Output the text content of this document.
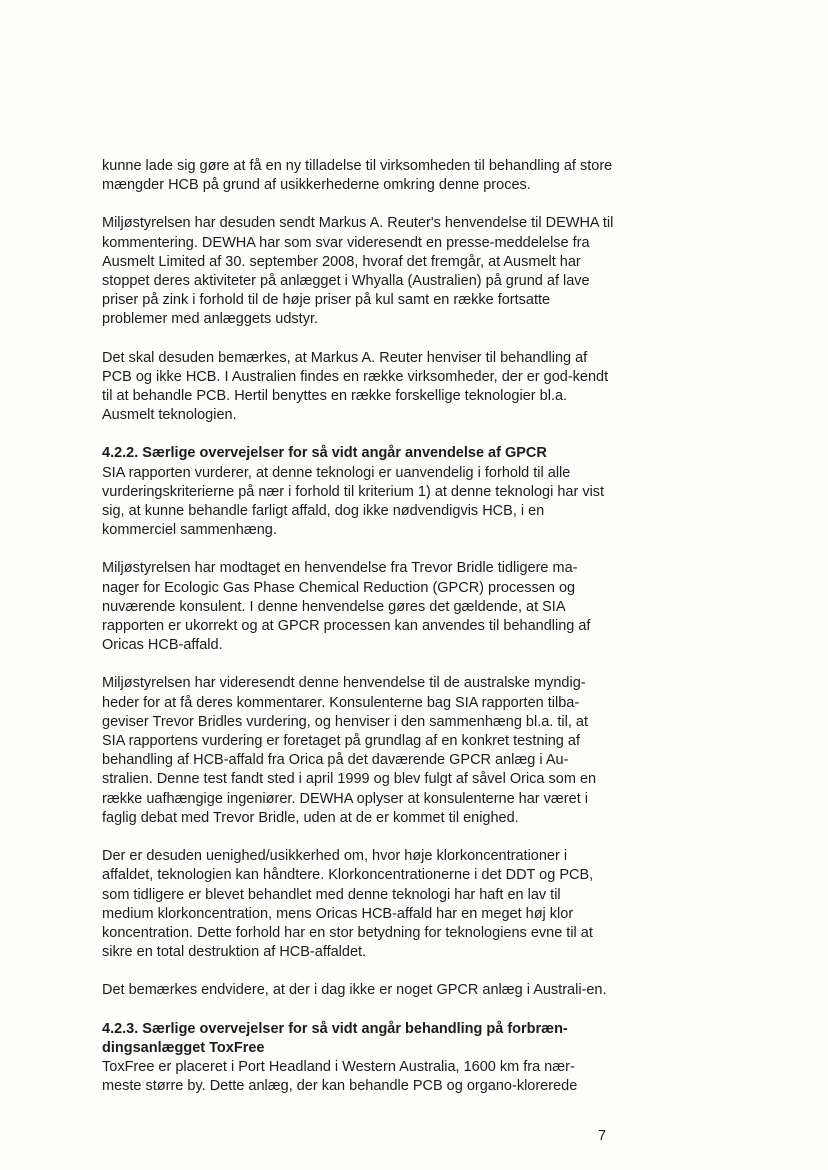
kunne lade sig gøre at få en ny tilladelse til virksomheden til behandling af store mængder HCB på grund af usikkerhederne omkring denne proces.

Miljøstyrelsen har desuden sendt Markus A. Reuter's henvendelse til DEWHA til kommentering. DEWHA har som svar videresendt en presse-meddelelse fra Ausmelt Limited af 30. september 2008, hvoraf det fremgår, at Ausmelt har stoppet deres aktiviteter på anlægget i Whyalla (Australien) på grund af lave priser på zink i forhold til de høje priser på kul samt en række fortsatte problemer med anlæggets udstyr.

Det skal desuden bemærkes, at Markus A. Reuter henviser til behandling af PCB og ikke HCB. I Australien findes en række virksomheder, der er god-kendt til at behandle PCB. Hertil benyttes en række forskellige teknologier bl.a. Ausmelt teknologien.

4.2.2. Særlige overvejelser for så vidt angår anvendelse af GPCR

SIA rapporten vurderer, at denne teknologi er uanvendelig i forhold til alle vurderingskriterierne på nær i forhold til kriterium 1) at denne teknologi har vist sig, at kunne behandle farligt affald, dog ikke nødvendigvis HCB, i en kommerciel sammenhæng.

Miljøstyrelsen har modtaget en henvendelse fra Trevor Bridle tidligere ma-nager for Ecologic Gas Phase Chemical Reduction (GPCR) processen og nuværende konsulent. I denne henvendelse gøres det gældende, at SIA rapporten er ukorrekt og at GPCR processen kan anvendes til behandling af Oricas HCB-affald.

Miljøstyrelsen har videresendt denne henvendelse til de australske myndig-heder for at få deres kommentarer. Konsulenterne bag SIA rapporten tilba-geviser Trevor Bridles vurdering, og henviser i den sammenhæng bl.a. til, at SIA rapportens vurdering er foretaget på grundlag af en konkret testning af behandling af HCB-affald fra Orica på det daværende GPCR anlæg i Au-stralien. Denne test fandt sted i april 1999 og blev fulgt af såvel Orica som en række uafhængige ingeniører. DEWHA oplyser at konsulenterne har været i faglig debat med Trevor Bridle, uden at de er kommet til enighed.

Der er desuden uenighed/usikkerhed om, hvor høje klorkoncentrationer i affaldet, teknologien kan håndtere. Klorkoncentrationerne i det DDT og PCB, som tidligere er blevet behandlet med denne teknologi har haft en lav til medium klorkoncentration, mens Oricas HCB-affald har en meget høj klor koncentration. Dette forhold har en stor betydning for teknologiens evne til at sikre en total destruktion af HCB-affaldet.

Det bemærkes endvidere, at der i dag ikke er noget GPCR anlæg i Australi-en.

4.2.3. Særlige overvejelser for så vidt angår behandling på forbræn-dingsanlægget ToxFree

ToxFree er placeret i Port Headland i Western Australia, 1600 km fra nær-meste større by. Dette anlæg, der kan behandle PCB og organo-klorerede

7
